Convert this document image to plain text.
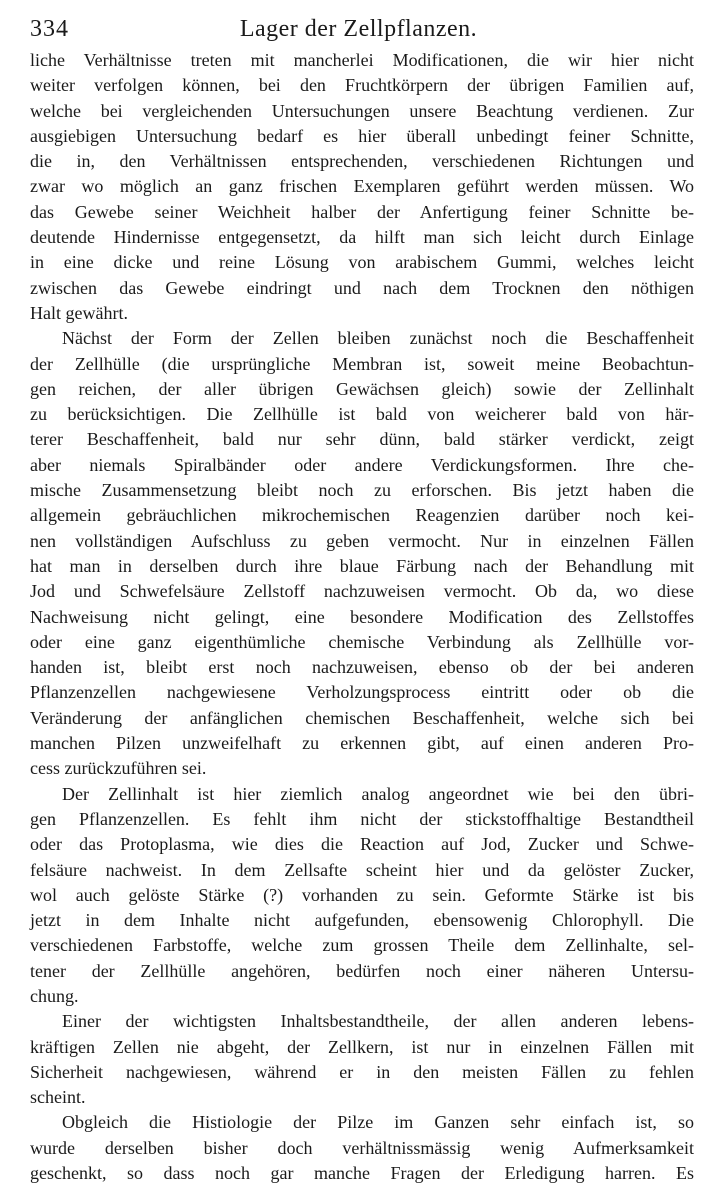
334	Lager der Zellpflanzen.
liche Verhältnisse treten mit mancherlei Modificationen, die wir hier nicht
weiter verfolgen können, bei den Fruchtkörpern der übrigen Familien auf,
welche bei vergleichenden Untersuchungen unsere Beachtung verdienen. Zur
ausgiebigen Untersuchung bedarf es hier überall unbedingt feiner Schnitte,
die in, den Verhältnissen entsprechenden, verschiedenen Richtungen und
zwar wo möglich an ganz frischen Exemplaren geführt werden müssen. Wo
das Gewebe seiner Weichheit halber der Anfertigung feiner Schnitte be-
deutende Hindernisse entgegensetzt, da hilft man sich leicht durch Einlage
in eine dicke und reine Lösung von arabischem Gummi, welches leicht
zwischen das Gewebe eindringt und nach dem Trocknen den nöthigen
Halt gewährt.
Nächst der Form der Zellen bleiben zunächst noch die Beschaffenheit
der Zellhülle (die ursprüngliche Membran ist, soweit meine Beobachtun-
gen reichen, der aller übrigen Gewächsen gleich) sowie der Zellinhalt
zu berücksichtigen. Die Zellhülle ist bald von weicherer bald von här-
terer Beschaffenheit, bald nur sehr dünn, bald stärker verdickt, zeigt
aber niemals Spiralbänder oder andere Verdickungsformen. Ihre che-
mische Zusammensetzung bleibt noch zu erforschen. Bis jetzt haben die
allgemein gebräuchlichen mikrochemischen Reagenzien darüber noch kei-
nen vollständigen Aufschluss zu geben vermocht. Nur in einzelnen Fällen
hat man in derselben durch ihre blaue Färbung nach der Behandlung mit
Jod und Schwefelsäure Zellstoff nachzuweisen vermocht. Ob da, wo diese
Nachweisung nicht gelingt, eine besondere Modification des Zellstoffes
oder eine ganz eigenthümliche chemische Verbindung als Zellhülle vor-
handen ist, bleibt erst noch nachzuweisen, ebenso ob der bei anderen
Pflanzenzellen nachgewiesene Verholzungsprocess eintritt oder ob die
Veränderung der anfänglichen chemischen Beschaffenheit, welche sich bei
manchen Pilzen unzweifelhaft zu erkennen gibt, auf einen anderen Pro-
cess zurückzuführen sei.
Der Zellinhalt ist hier ziemlich analog angeordnet wie bei den übri-
gen Pflanzenzellen. Es fehlt ihm nicht der stickstoffhaltige Bestandtheil
oder das Protoplasma, wie dies die Reaction auf Jod, Zucker und Schwe-
felsäure nachweist. In dem Zellsafte scheint hier und da gelöster Zucker,
wol auch gelöste Stärke (?) vorhanden zu sein. Geformte Stärke ist bis
jetzt in dem Inhalte nicht aufgefunden, ebensowenig Chlorophyll. Die
verschiedenen Farbstoffe, welche zum grossen Theile dem Zellinhalte, sel-
tener der Zellhülle angehören, bedürfen noch einer näheren Untersu-
chung.
Einer der wichtigsten Inhaltsbestandtheile, der allen anderen lebens-
kräftigen Zellen nie abgeht, der Zellkern, ist nur in einzelnen Fällen mit
Sicherheit nachgewiesen, während er in den meisten Fällen zu fehlen
scheint.
Obgleich die Histiologie der Pilze im Ganzen sehr einfach ist, so
wurde derselben bisher doch verhältnissmässig wenig Aufmerksamkeit
geschenkt, so dass noch gar manche Fragen der Erledigung harren. Es
